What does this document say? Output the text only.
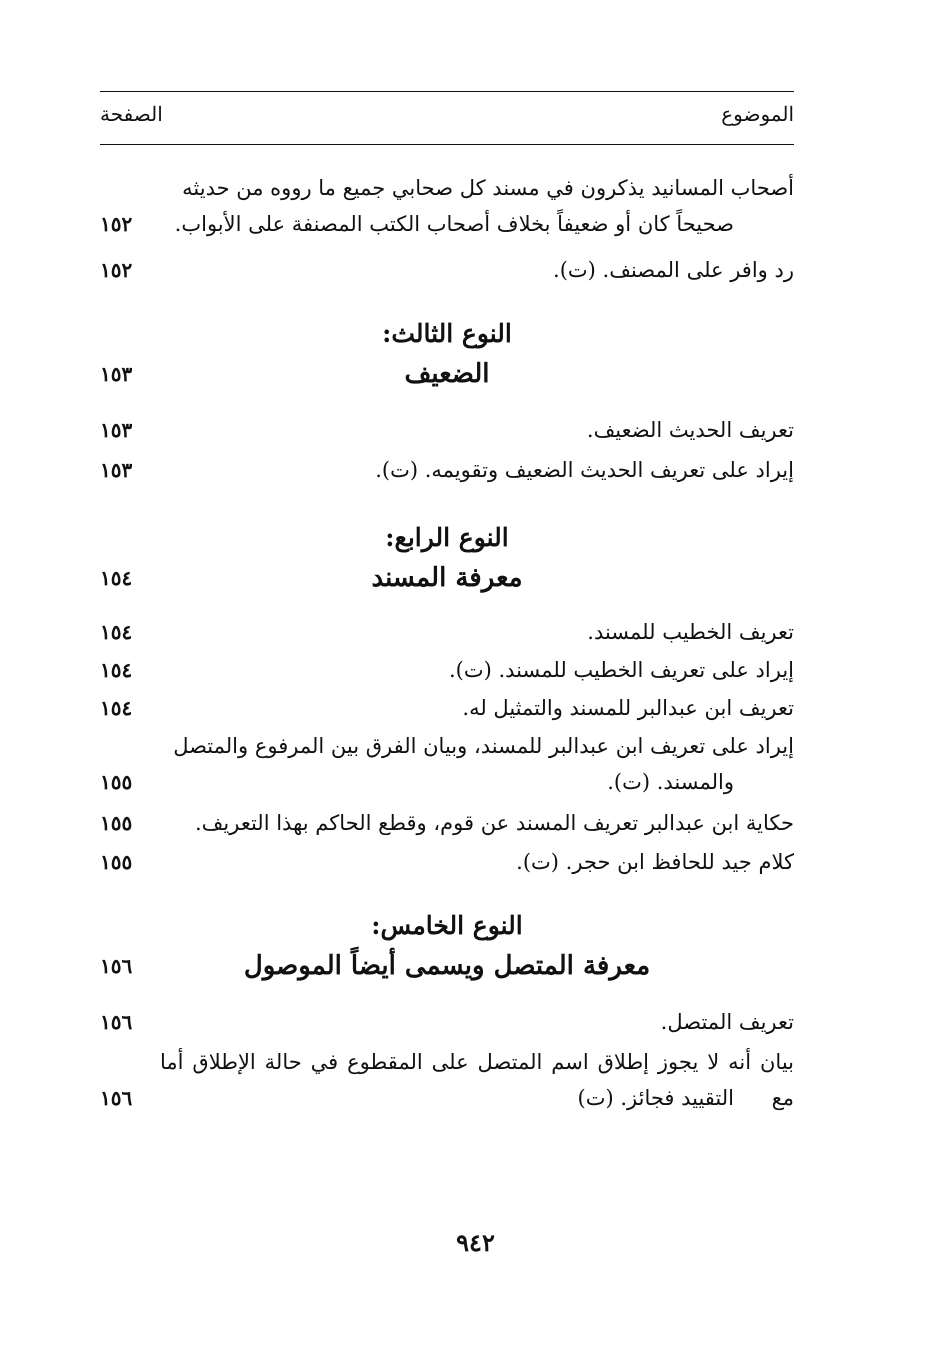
الموضوع
الصفحة
أصحاب المسانيد يذكرون في مسند كل صحابي جميع ما رووه من حديثه
صحيحاً كان أو ضعيفاً بخلاف أصحاب الكتب المصنفة على الأبواب.
١٥٢
رد وافر على المصنف. (ت).
١٥٢
النوع الثالث:
الضعيف
١٥٣
تعريف الحديث الضعيف.
١٥٣
إيراد على تعريف الحديث الضعيف وتقويمه. (ت).
١٥٣
النوع الرابع:
معرفة المسند
١٥٤
تعريف الخطيب للمسند.
١٥٤
إيراد على تعريف الخطيب للمسند. (ت).
١٥٤
تعريف ابن عبدالبر للمسند والتمثيل له.
١٥٤
إيراد على تعريف ابن عبدالبر للمسند، وبيان الفرق بين المرفوع والمتصل
والمسند. (ت).
١٥٥
حكاية ابن عبدالبر تعريف المسند عن قوم، وقطع الحاكم بهذا التعريف.
١٥٥
كلام جيد للحافظ ابن حجر. (ت).
١٥٥
النوع الخامس:
معرفة المتصل ويسمى أيضاً الموصول
١٥٦
تعريف المتصل.
١٥٦
بيان أنه لا يجوز إطلاق اسم المتصل على المقطوع في حالة الإطلاق أما مع
التقييد فجائز. (ت)
١٥٦
٩٤٢
